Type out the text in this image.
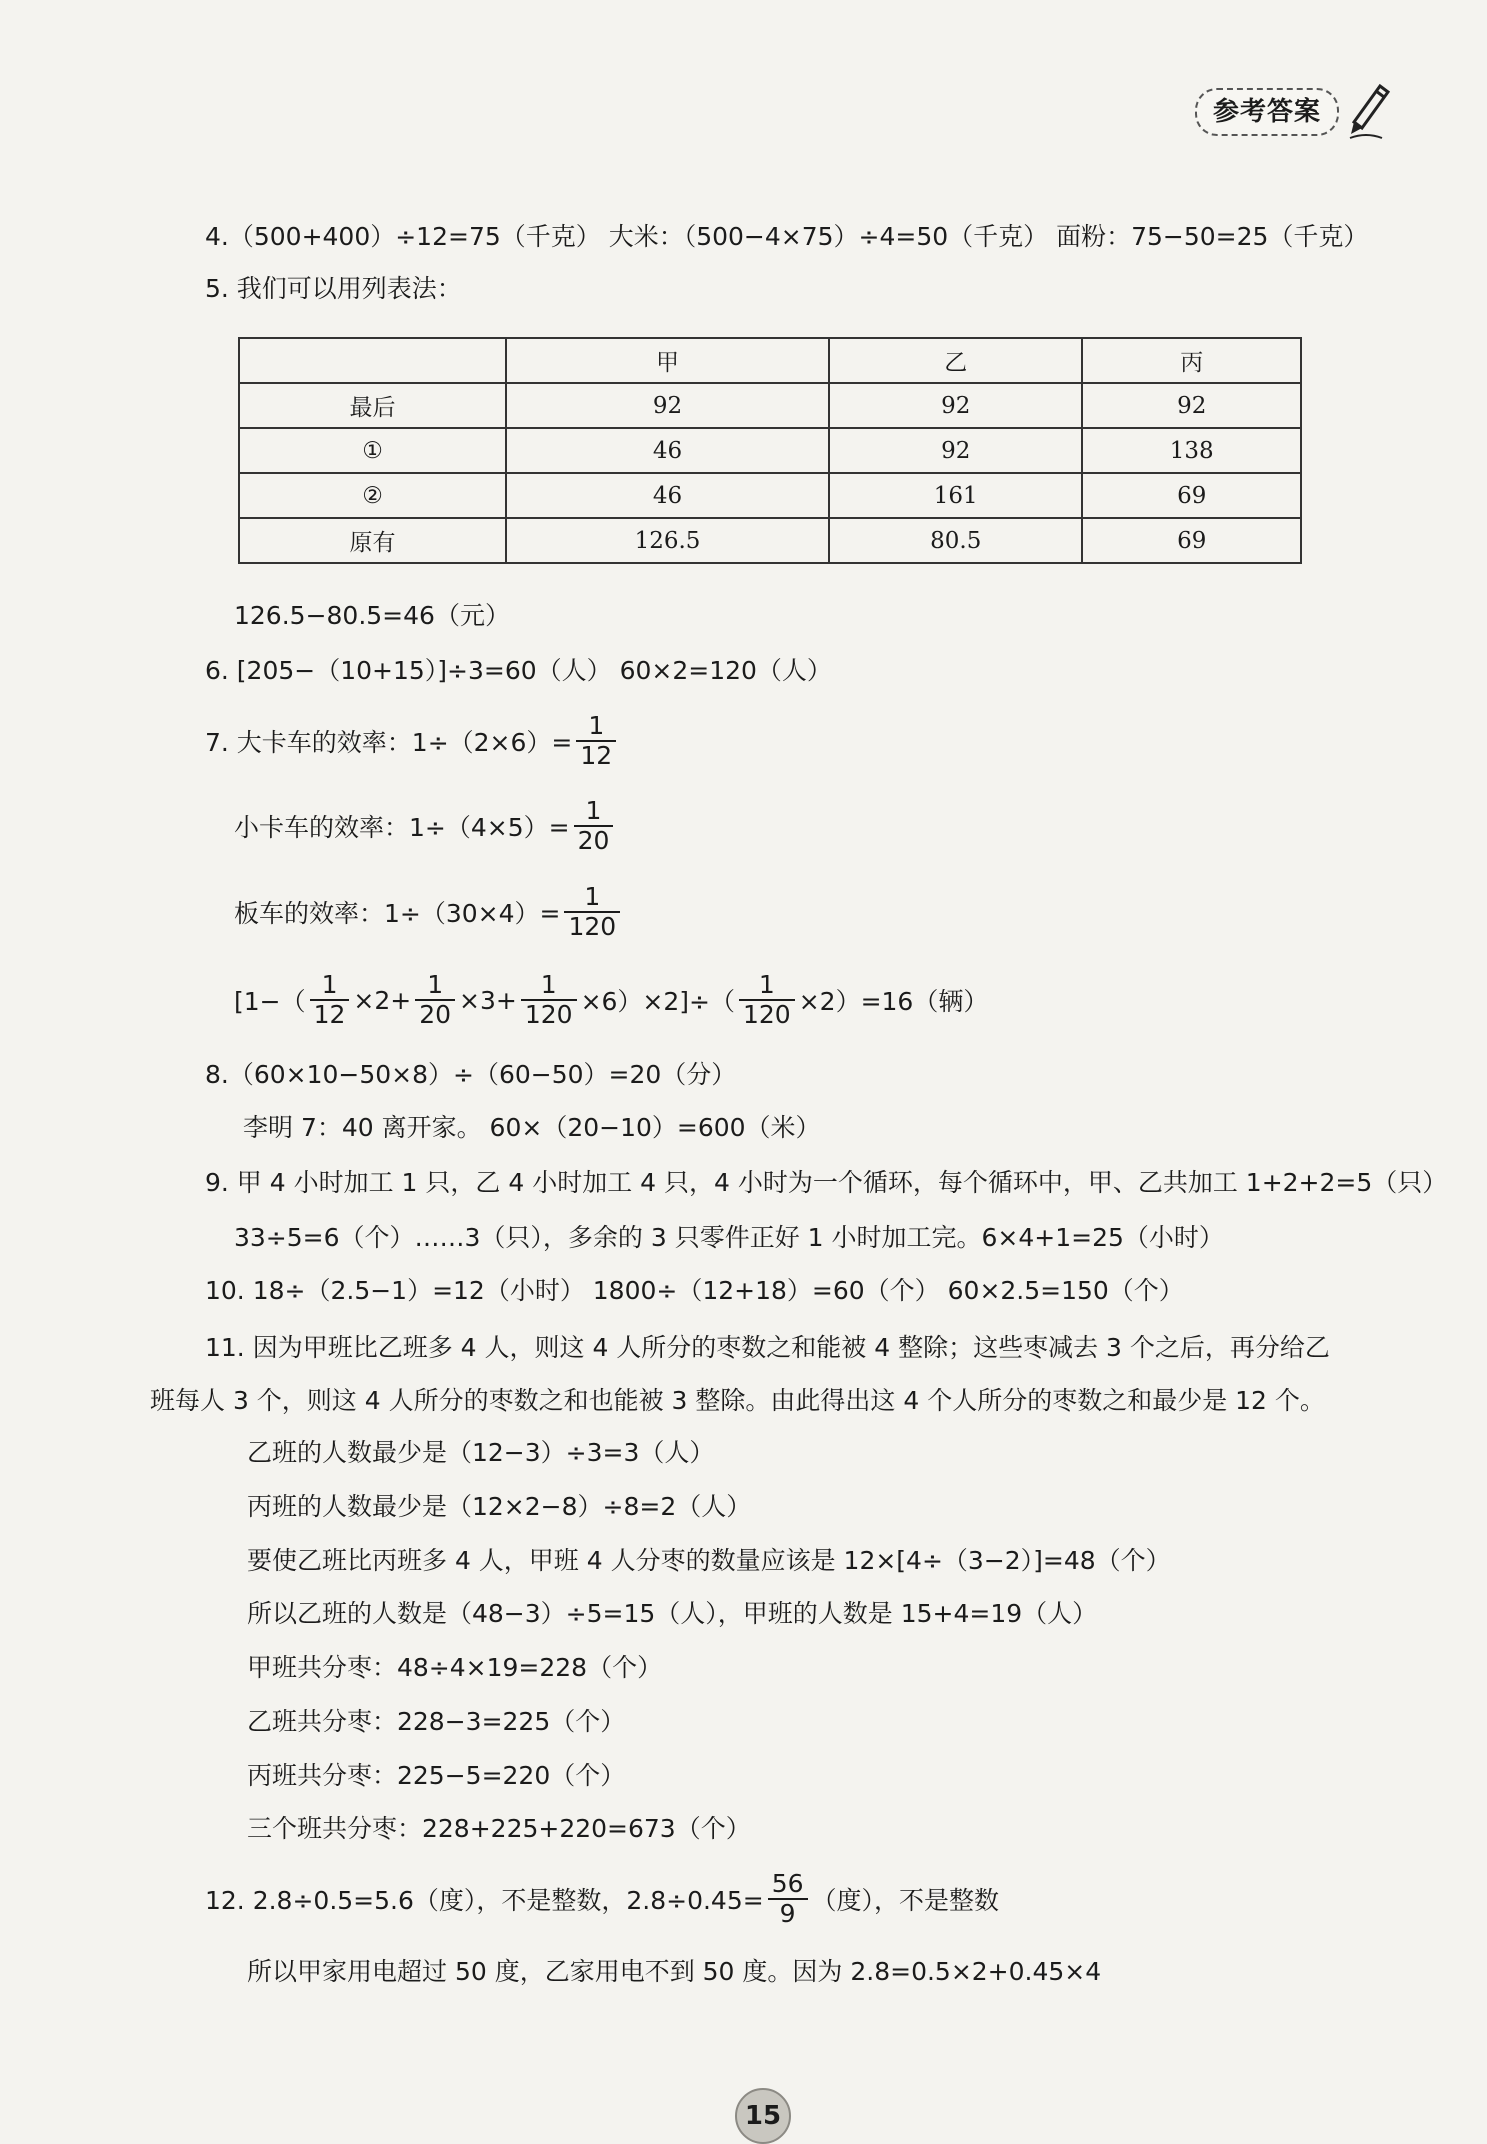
参考答案
4.（500+400）÷12=75（千克） 大米：（500−4×75）÷4=50（千克） 面粉：75−50=25（千克）
5. 我们可以用列表法：
	甲	乙	丙
最后	92	92	92
①	46	92	138
②	46	161	69
原有	126.5	80.5	69
126.5−80.5=46（元）
6. [205−（10+15）]÷3=60（人） 60×2=120（人）
7. 大卡车的效率：$1\div(2\times 6)= \frac{1}{12}$
小卡车的效率：$1\div(4\times 5)= \frac{1}{20}$
板车的效率：$1\div(30\times 4)= \frac{1}{120}$
$[1-( \frac{1}{12} \times 2+ \frac{1}{20} \times 3+ \frac{1}{120} \times 6)\times 2]\div( \frac{1}{120} \times 2)=16$（辆）
8.（60×10−50×8）÷（60−50）=20（分）
李明 7：40 离开家。 60×（20−10）=600（米）
9. 甲 4 小时加工 1 只，乙 4 小时加工 4 只，4 小时为一个循环，每个循环中，甲、乙共加工 1+2+2=5（只）
33÷5=6（个）……3（只），多余的 3 只零件正好 1 小时加工完。6×4+1=25（小时）
10. 18÷（2.5−1）=12（小时） 1800÷（12+18）=60（个） 60×2.5=150（个）
11. 因为甲班比乙班多 4 人，则这 4 人所分的枣数之和能被 4 整除；这些枣减去 3 个之后，再分给乙
班每人 3 个，则这 4 人所分的枣数之和也能被 3 整除。由此得出这 4 个人所分的枣数之和最少是 12 个。
乙班的人数最少是（12−3）÷3=3（人）
丙班的人数最少是（12×2−8）÷8=2（人）
要使乙班比丙班多 4 人，甲班 4 人分枣的数量应该是 12×[4÷（3−2）]=48（个）
所以乙班的人数是（48−3）÷5=15（人），甲班的人数是 15+4=19（人）
甲班共分枣：48÷4×19=228（个）
乙班共分枣：228−3=225（个）
丙班共分枣：225−5=220（个）
三个班共分枣：228+225+220=673（个）
12. 2.8÷0.5=5.6（度），不是整数，$2.8\div 0.45= \frac{56}{9}$ （度），不是整数
所以甲家用电超过 50 度，乙家用电不到 50 度。因为 2.8=0.5×2+0.45×4
15
